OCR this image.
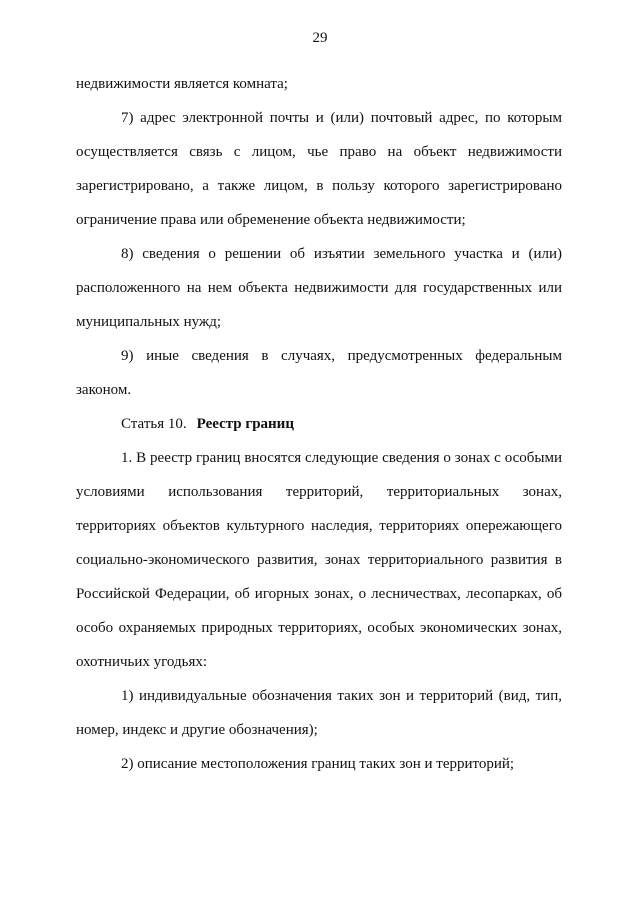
29
недвижимости является комната;
7) адрес электронной почты и (или) почтовый адрес, по которым
осуществляется связь с лицом, чье право на объект недвижимости
зарегистрировано, а также лицом, в пользу которого зарегистрировано
ограничение права или обременение объекта недвижимости;
8) сведения о решении об изъятии земельного участка и (или)
расположенного на нем объекта недвижимости для государственных или
муниципальных нужд;
9) иные сведения в случаях, предусмотренных федеральным
законом.
Статья 10. Реестр границ
1. В реестр границ вносятся следующие сведения о зонах с особыми
условиями использования территорий, территориальных зонах,
территориях объектов культурного наследия, территориях опережающего
социально-экономического развития, зонах территориального развития в
Российской Федерации, об игорных зонах, о лесничествах, лесопарках, об
особо охраняемых природных территориях, особых экономических зонах,
охотничьих угодьях:
1) индивидуальные обозначения таких зон и территорий (вид, тип,
номер, индекс и другие обозначения);
2) описание местоположения границ таких зон и территорий;
